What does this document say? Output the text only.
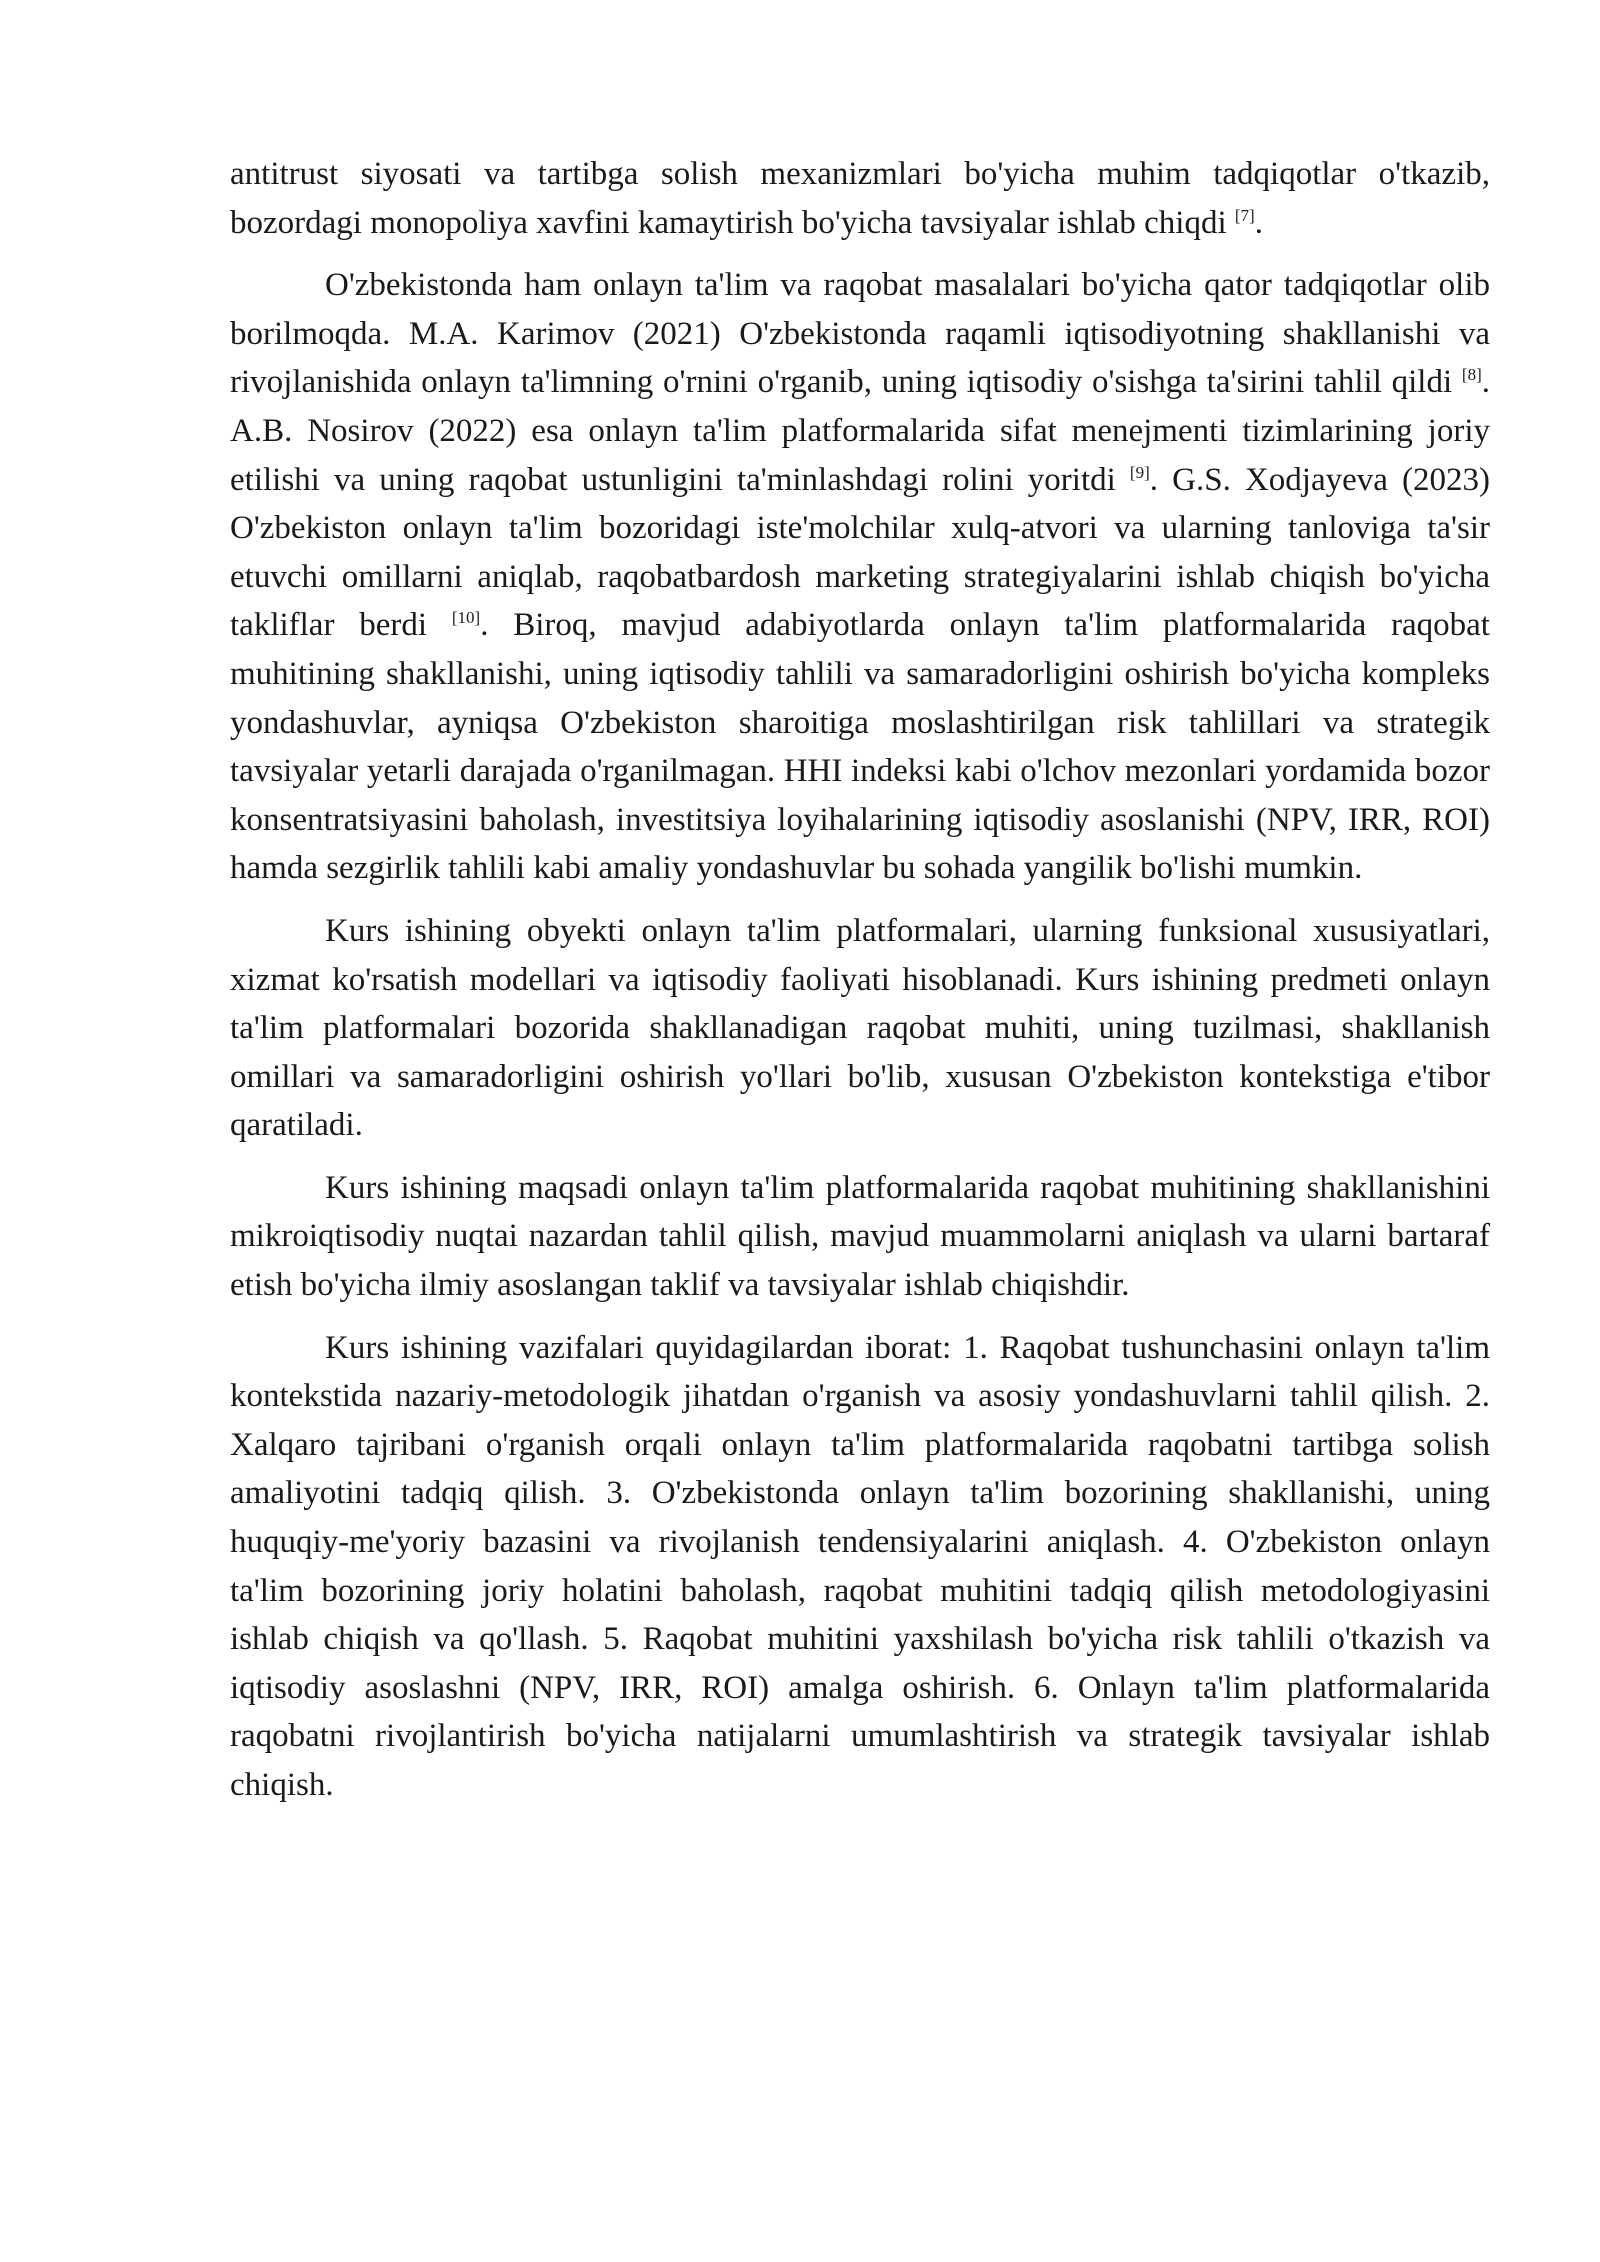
antitrust siyosati va tartibga solish mexanizmlari bo'yicha muhim tadqiqotlar o'tkazib, bozordagi monopoliya xavfini kamaytirish bo'yicha tavsiyalar ishlab chiqdi [7].

O'zbekistonda ham onlayn ta'lim va raqobat masalalari bo'yicha qator tadqiqotlar olib borilmoqda. M.A. Karimov (2021) O'zbekistonda raqamli iqtisodiyotning shakllanishi va rivojlanishida onlayn ta'limning o'rnini o'rganib, uning iqtisodiy o'sishga ta'sirini tahlil qildi [8]. A.B. Nosirov (2022) esa onlayn ta'lim platformalarida sifat menejmenti tizimlarining joriy etilishi va uning raqobat ustunligini ta'minlashdagi rolini yoritdi [9]. G.S. Xodjayeva (2023) O'zbekiston onlayn ta'lim bozoridagi iste'molchilar xulq-atvori va ularning tanloviga ta'sir etuvchi omillarni aniqlab, raqobatbardosh marketing strategiyalarini ishlab chiqish bo'yicha takliflar berdi [10]. Biroq, mavjud adabiyotlarda onlayn ta'lim platformalarida raqobat muhitining shakllanishi, uning iqtisodiy tahlili va samaradorligini oshirish bo'yicha kompleks yondashuvlar, ayniqsa O'zbekiston sharoitiga moslashtirilgan risk tahlillari va strategik tavsiyalar yetarli darajada o'rganilmagan. HHI indeksi kabi o'lchov mezonlari yordamida bozor konsentratsiyasini baholash, investitsiya loyihalarining iqtisodiy asoslanishi (NPV, IRR, ROI) hamda sezgirlik tahlili kabi amaliy yondashuvlar bu sohada yangilik bo'lishi mumkin.

Kurs ishining obyekti onlayn ta'lim platformalari, ularning funksional xususiyatlari, xizmat ko'rsatish modellari va iqtisodiy faoliyati hisoblanadi. Kurs ishining predmeti onlayn ta'lim platformalari bozorida shakllanadigan raqobat muhiti, uning tuzilmasi, shakllanish omillari va samaradorligini oshirish yo'llari bo'lib, xususan O'zbekiston kontekstiga e'tibor qaratiladi.

Kurs ishining maqsadi onlayn ta'lim platformalarida raqobat muhitining shakllanishini mikroiqtisodiy nuqtai nazardan tahlil qilish, mavjud muammolarni aniqlash va ularni bartaraf etish bo'yicha ilmiy asoslangan taklif va tavsiyalar ishlab chiqishdir.

Kurs ishining vazifalari quyidagilardan iborat: 1. Raqobat tushunchasini onlayn ta'lim kontekstida nazariy-metodologik jihatdan o'rganish va asosiy yondashuvlarni tahlil qilish. 2. Xalqaro tajribani o'rganish orqali onlayn ta'lim platformalarida raqobatni tartibga solish amaliyotini tadqiq qilish. 3. O'zbekistonda onlayn ta'lim bozorining shakllanishi, uning huquqiy-me'yoriy bazasini va rivojlanish tendensiyalarini aniqlash. 4. O'zbekiston onlayn ta'lim bozorining joriy holatini baholash, raqobat muhitini tadqiq qilish metodologiyasini ishlab chiqish va qo'llash. 5. Raqobat muhitini yaxshilash bo'yicha risk tahlili o'tkazish va iqtisodiy asoslashni (NPV, IRR, ROI) amalga oshirish. 6. Onlayn ta'lim platformalarida raqobatni rivojlantirish bo'yicha natijalarni umumlashtirish va strategik tavsiyalar ishlab chiqish.
